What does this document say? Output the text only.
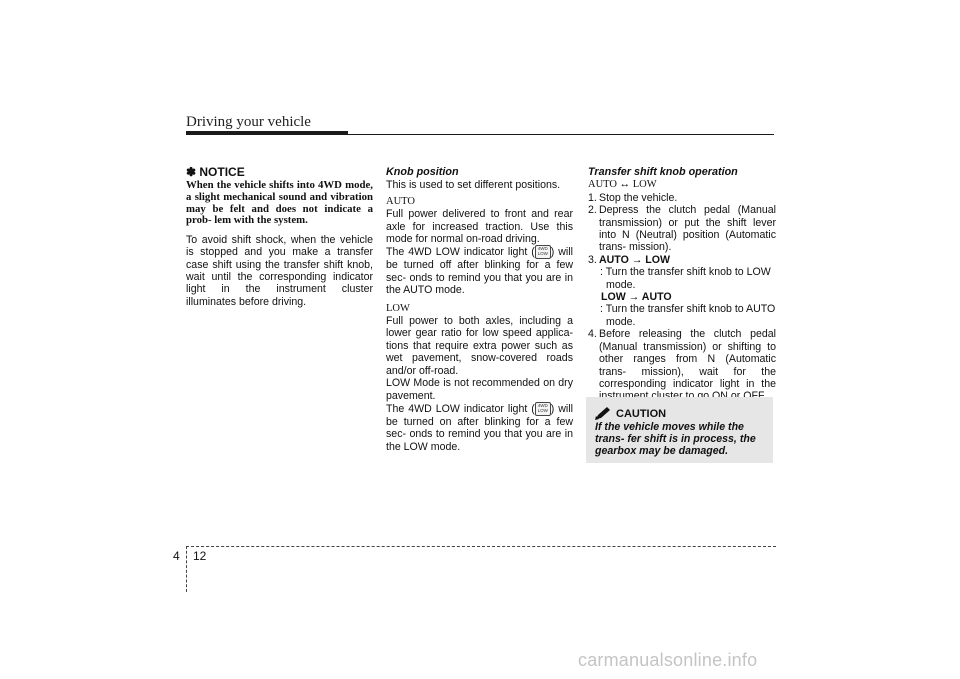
Driving your vehicle
✽ NOTICE
When the vehicle shifts into 4WD mode, a slight mechanical sound and vibration may be felt and does not indicate a prob- lem with the system.
To avoid shift shock, when the vehicle is stopped and you make a transfer case shift using the transfer shift knob, wait until the corresponding indicator light in the instrument cluster illuminates before driving.
Knob position
This is used to set different positions.
AUTO
Full power delivered to front and rear axle for increased traction. Use this mode for normal on-road driving.
The 4WD LOW indicator light ( 4WD
LOW ) will be turned off after blinking for a few sec- onds to remind you that you are in the AUTO mode.
LOW
Full power to both axles, including a lower gear ratio for low speed applica- tions that require extra power such as wet pavement, snow-covered roads and/or off-road.
LOW Mode is not recommended on dry pavement.
The 4WD LOW indicator light ( 4WD
LOW ) will be turned on after blinking for a few sec- onds to remind you that you are in the LOW mode.
Transfer shift knob operation
AUTO ↔ LOW
1. Stop the vehicle.
2. Depress the clutch pedal (Manual transmission) or put the shift lever into N (Neutral) position (Automatic trans- mission).
3. AUTO → LOW
: Turn the transfer shift knob to LOW mode.
LOW → AUTO
: Turn the transfer shift knob to AUTO mode.
4. Before releasing the clutch pedal (Manual transmission) or shifting to other ranges from N (Automatic trans- mission), wait for the corresponding indicator light in the
CAUTION
If the vehicle moves while the trans- fer shift is in process, the gearbox may be damaged.
4 12
carmanualsonline.info
